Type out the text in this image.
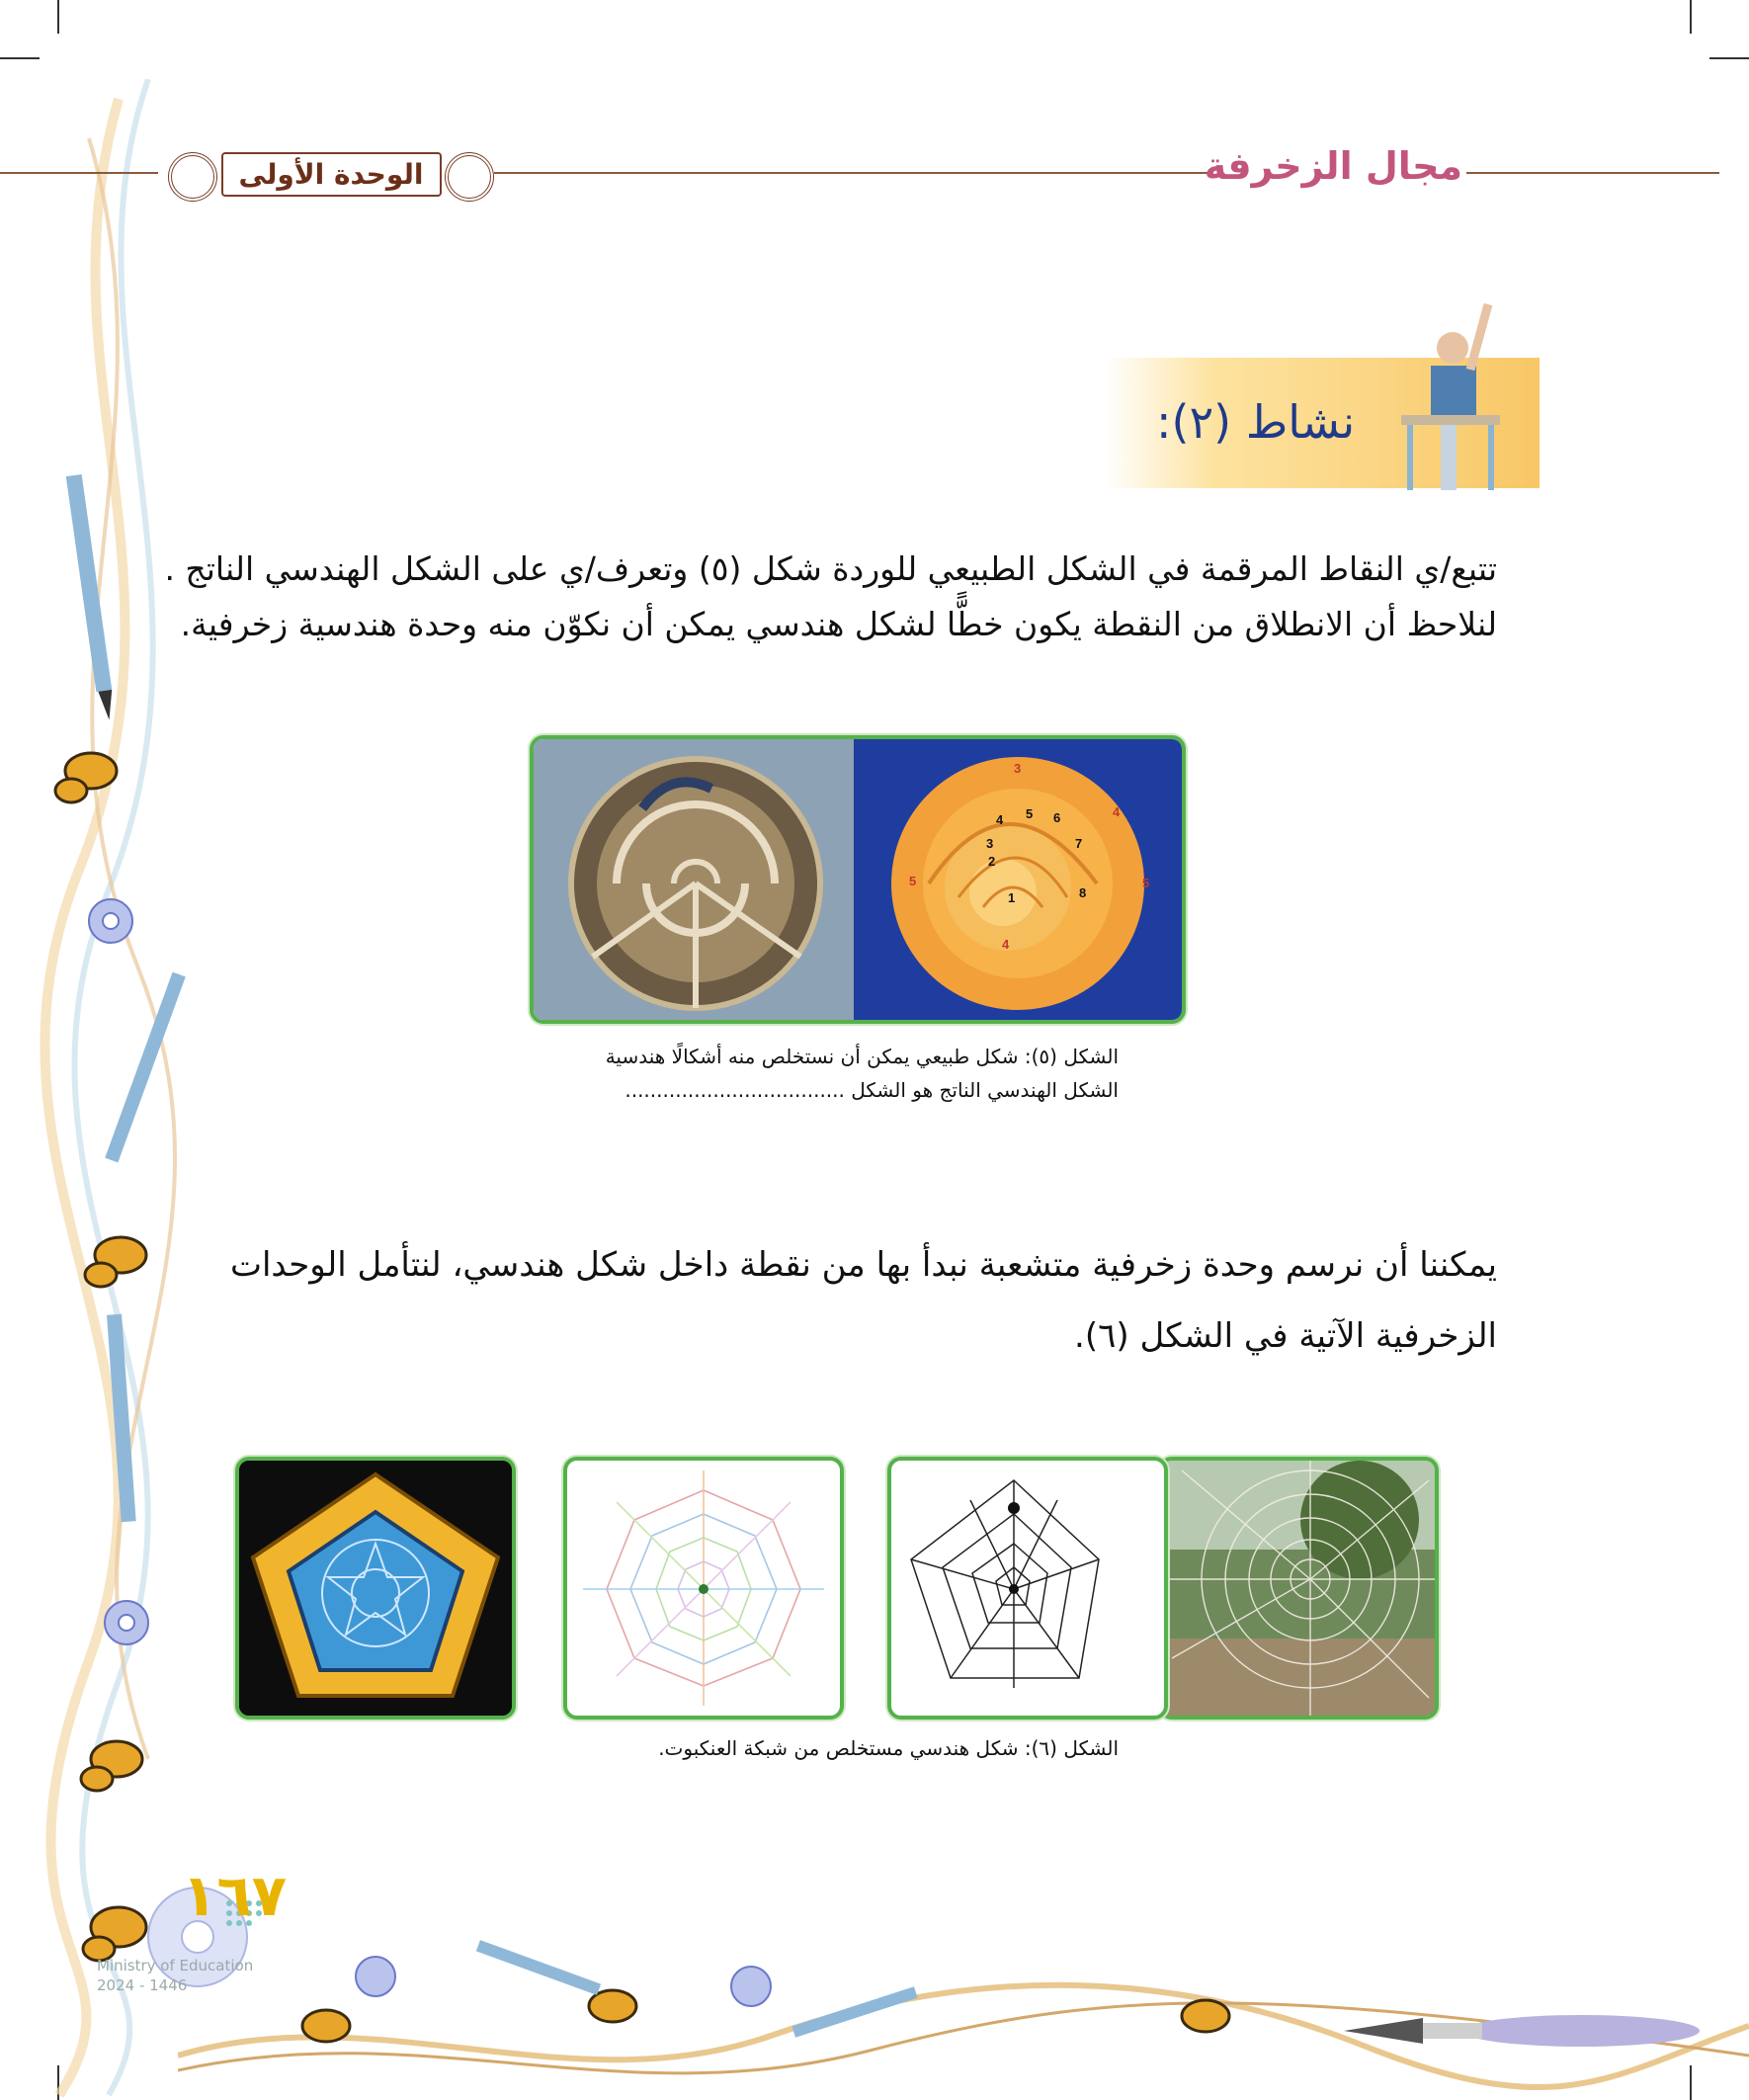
الوحدة الأولى	مجال الزخرفة
نشاط (٢):
تتبع/ي النقاط المرقمة في الشكل الطبيعي للوردة شكل (٥) وتعرف/ي على الشكل الهندسي الناتج .
لنلاحظ أن الانطلاق من النقطة يكون خطًّا لشكل هندسي يمكن أن نكوّن منه وحدة هندسية زخرفية.
1
2
3
4 5 6
7
8
3
4
5
5
4
الشكل (٥): شكل طبيعي يمكن أن نستخلص منه أشكالًا هندسية
الشكل الهندسي الناتج هو الشكل ...................................
يمكننا أن نرسم وحدة زخرفية متشعبة نبدأ بها من نقطة داخل شكل هندسي، لنتأمل الوحدات
الزخرفية الآتية في الشكل (٦).
الشكل (٦): شكل هندسي مستخلص من شبكة العنكبوت.
١٦٧
Ministry of Education
2024 - 1446
